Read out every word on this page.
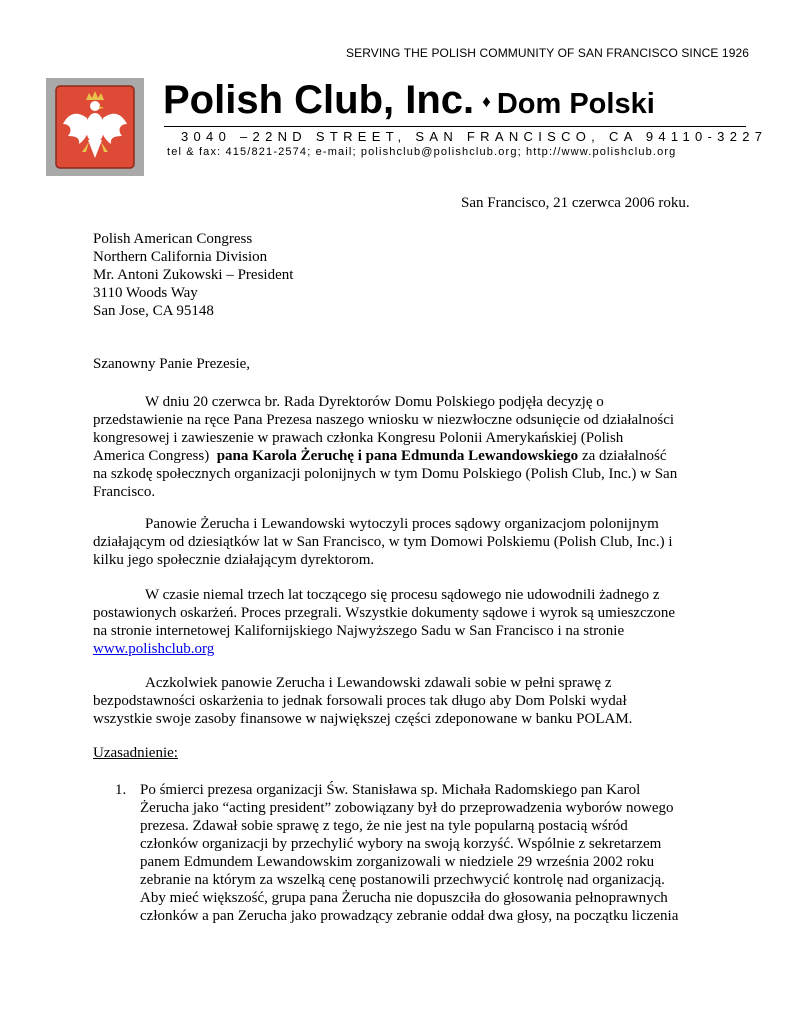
SERVING THE POLISH COMMUNITY OF SAN FRANCISCO SINCE 1926
Polish Club, Inc. ♦ Dom Polski
3040 –22ND STREET, SAN FRANCISCO, CA 94110-3227
tel & fax: 415/821-2574; e-mail; polishclub@polishclub.org; http://www.polishclub.org
San Francisco, 21 czerwca 2006 roku.
Polish American Congress
Northern California Division
Mr. Antoni Zukowski – President
3110 Woods Way
San Jose, CA 95148
Szanowny Panie Prezesie,
W dniu 20 czerwca br. Rada Dyrektorów Domu Polskiego podjęła decyzję o
przedstawienie na ręce Pana Prezesa naszego wniosku w niezwłoczne odsunięcie od działalności
kongresowej i zawieszenie w prawach członka Kongresu Polonii Amerykańskiej (Polish
America Congress)  pana Karola Żeruchę i pana Edmunda Lewandowskiego za działalność
na szkodę społecznych organizacji polonijnych w tym Domu Polskiego (Polish Club, Inc.) w San
Francisco.
Panowie Żerucha i Lewandowski wytoczyli proces sądowy organizacjom polonijnym
działającym od dziesiątków lat w San Francisco, w tym Domowi Polskiemu (Polish Club, Inc.) i
kilku jego społecznie działającym dyrektorom.
W czasie niemal trzech lat toczącego się procesu sądowego nie udowodnili żadnego z
postawionych oskarżeń. Proces przegrali. Wszystkie dokumenty sądowe i wyrok są umieszczone
na stronie internetowej Kalifornijskiego Najwyższego Sadu w San Francisco i na stronie
www.polishclub.org
Aczkolwiek panowie Zerucha i Lewandowski zdawali sobie w pełni sprawę z
bezpodstawności oskarżenia to jednak forsowali proces tak długo aby Dom Polski wydał
wszystkie swoje zasoby finansowe w największej części zdeponowane w banku POLAM.
Uzasadnienie:
1. Po śmierci prezesa organizacji Św. Stanisława sp. Michała Radomskiego pan Karol
Żerucha jako “acting president” zobowiązany był do przeprowadzenia wyborów nowego
prezesa. Zdawał sobie sprawę z tego, że nie jest na tyle popularną postacią wśród
członków organizacji by przechylić wybory na swoją korzyść. Wspólnie z sekretarzem
panem Edmundem Lewandowskim zorganizowali w niedziele 29 września 2002 roku
zebranie na którym za wszelką cenę postanowili przechwycić kontrolę nad organizacją.
Aby mieć większość, grupa pana Żerucha nie dopuszciła do głosowania pełnoprawnych
członków a pan Zerucha jako prowadzący zebranie oddał dwa głosy, na początku liczenia
